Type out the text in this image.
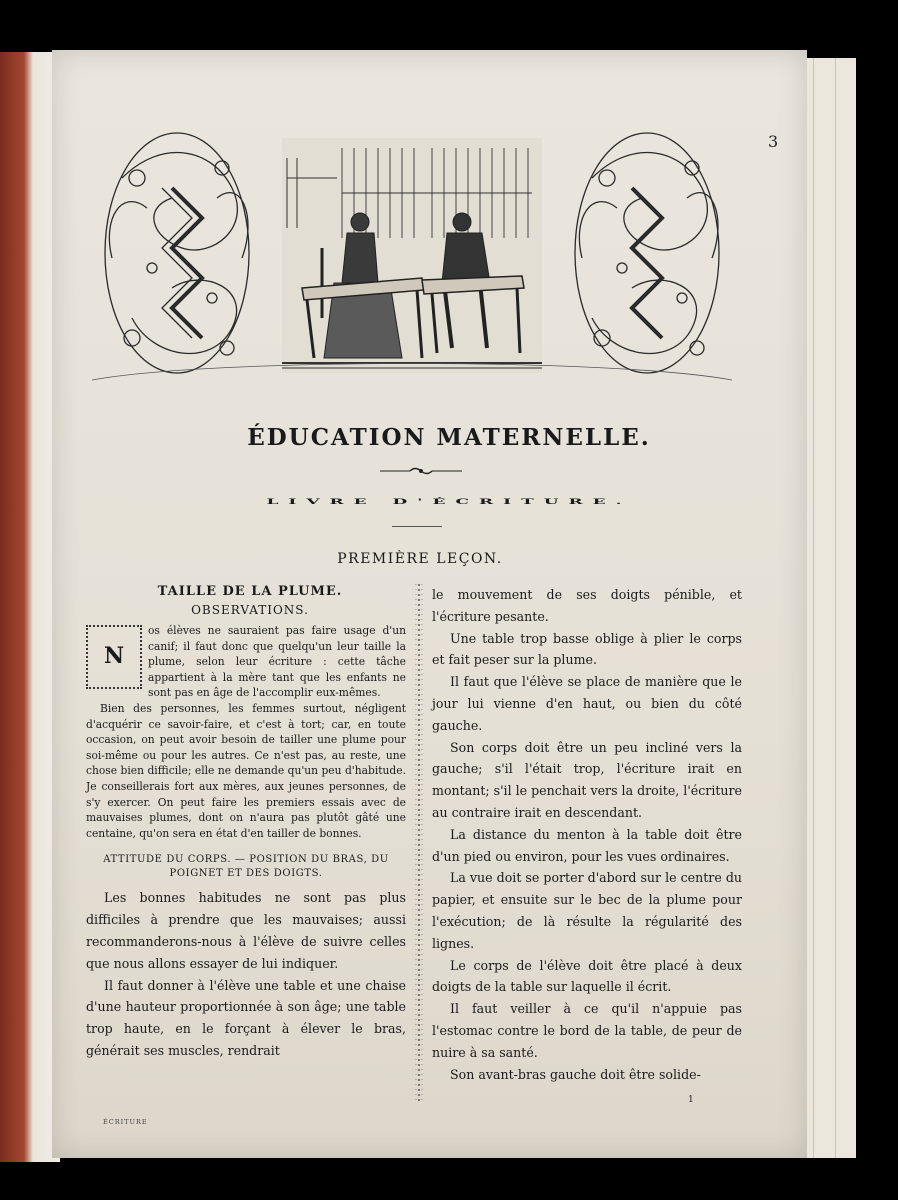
3
ÉDUCATION MATERNELLE.
LIVRE D'ÉCRITURE.
PREMIÈRE LEÇON.
TAILLE DE LA PLUME.
OBSERVATIONS.
N

os élèves ne sauraient pas faire usage d'un canif; il faut donc que quelqu'un leur taille la plume, selon leur écriture : cette tâche appartient à la mère tant que les enfants ne sont pas en âge de l'accomplir eux-mêmes.

Bien des personnes, les femmes surtout, négligent d'acquérir ce savoir-faire, et c'est à tort; car, en toute occasion, on peut avoir besoin de tailler une plume pour soi-même ou pour les autres. Ce n'est pas, au reste, une chose bien difficile; elle ne demande qu'un peu d'habitude. Je conseillerais fort aux mères, aux jeunes personnes, de s'y exercer. On peut faire les premiers essais avec de mauvaises plumes, dont on n'aura pas plutôt gâté une centaine, qu'on sera en état d'en tailler de bonnes.

ATTITUDE DU CORPS. — POSITION DU BRAS, DU POIGNET ET DES DOIGTS.

Les bonnes habitudes ne sont pas plus difficiles à prendre que les mauvaises; aussi recommanderons-nous à l'élève de suivre celles que nous allons essayer de lui indiquer.

Il faut donner à l'élève une table et une chaise d'une hauteur proportionnée à son âge; une table trop haute, en le forçant à élever le bras, générait ses muscles, rendrait

le mouvement de ses doigts pénible, et l'écriture pesante.

Une table trop basse oblige à plier le corps et fait peser sur la plume.

Il faut que l'élève se place de manière que le jour lui vienne d'en haut, ou bien du côté gauche.

Son corps doit être un peu incliné vers la gauche; s'il l'était trop, l'écriture irait en montant; s'il le penchait vers la droite, l'écriture au contraire irait en descendant.

La distance du menton à la table doit être d'un pied ou environ, pour les vues ordinaires.

La vue doit se porter d'abord sur le centre du papier, et ensuite sur le bec de la plume pour l'exécution; de là résulte la régularité des lignes.

Le corps de l'élève doit être placé à deux doigts de la table sur laquelle il écrit.

Il faut veiller à ce qu'il n'appuie pas l'estomac contre le bord de la table, de peur de nuire à sa santé.

Son avant-bras gauche doit être solide-

ÉCRITURE
1
